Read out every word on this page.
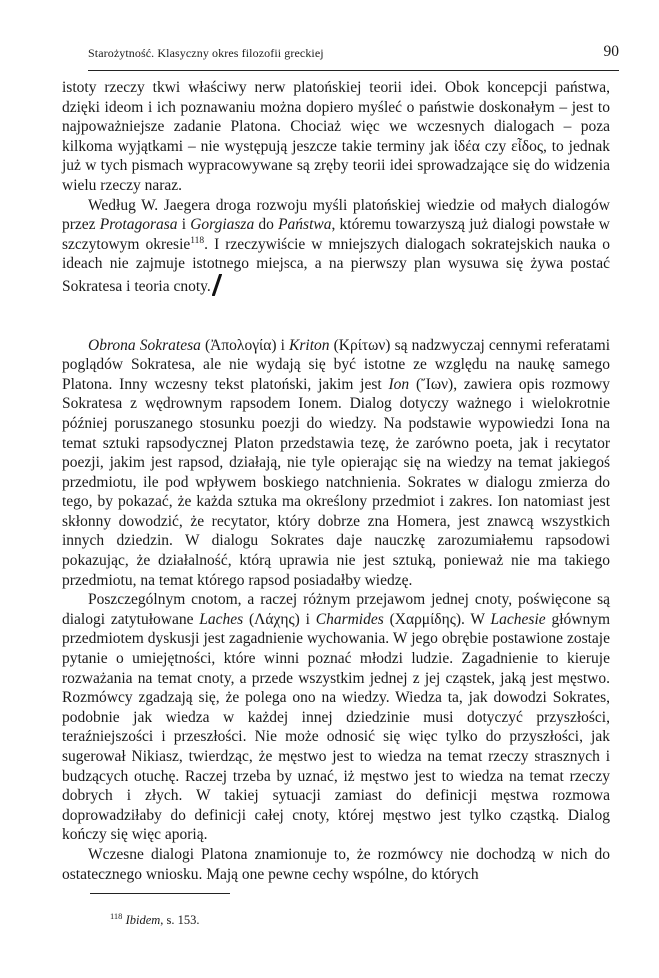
Starożytność. Klasyczny okres filozofii greckiej	90

istoty rzeczy tkwi właściwy nerw platońskiej teorii idei. Obok koncepcji państwa, dzięki ideom i ich poznawaniu można dopiero myśleć o państwie doskonałym – jest to najpoważniejsze zadanie Platona. Chociaż więc we wczesnych dialogach – poza kilkoma wyjątkami – nie występują jeszcze takie terminy jak ἰδέα czy εἶδος, to jednak już w tych pismach wypracowywane są zręby teorii idei sprowadzające się do widzenia wielu rzeczy naraz.

Według W. Jaegera droga rozwoju myśli platońskiej wiedzie od małych dialogów przez Protagorasa i Gorgiasza do Państwa, któremu towarzyszą już dialogi powstałe w szczytowym okresie$^{118}$. I rzeczywiście w mniejszych dialogach sokratejskich nauka o ideach nie zajmuje istotnego miejsca, a na pierwszy plan wysuwa się żywa postać Sokratesa i teoria cnoty.

Obrona Sokratesa (Ἀπολογία) i Kriton (Κρίτων) są nadzwyczaj cennymi referatami poglądów Sokratesa, ale nie wydają się być istotne ze względu na naukę samego Platona. Inny wczesny tekst platoński, jakim jest Ion (Ἴων), zawiera opis rozmowy Sokratesa z wędrownym rapsodem Ionem. Dialog dotyczy ważnego i wielokrotnie później poruszanego stosunku poezji do wiedzy. Na podstawie wypowiedzi Iona na temat sztuki rapsodycznej Platon przedstawia tezę, że zarówno poeta, jak i recytator poezji, jakim jest rapsod, działają, nie tyle opierając się na wiedzy na temat jakiegoś przedmiotu, ile pod wpływem boskiego natchnienia. Sokrates w dialogu zmierza do tego, by pokazać, że każda sztuka ma określony przedmiot i zakres. Ion natomiast jest skłonny dowodzić, że recytator, który dobrze zna Homera, jest znawcą wszystkich innych dziedzin. W dialogu Sokrates daje nauczkę zarozumiałemu rapsodowi pokazując, że działalność, którą uprawia nie jest sztuką, ponieważ nie ma takiego przedmiotu, na temat którego rapsod posiadałby wiedzę.

Poszczególnym cnotom, a raczej różnym przejawom jednej cnoty, poświęcone są dialogi zatytułowane Laches (Λάχης) i Charmides (Χαρμίδης). W Lachesie głównym przedmiotem dyskusji jest zagadnienie wychowania. W jego obrębie postawione zostaje pytanie o umiejętności, które winni poznać młodzi ludzie. Zagadnienie to kieruje rozważania na temat cnoty, a przede wszystkim jednej z jej cząstek, jaką jest męstwo. Rozmówcy zgadzają się, że polega ono na wiedzy. Wiedza ta, jak dowodzi Sokrates, podobnie jak wiedza w każdej innej dziedzinie musi dotyczyć przyszłości, teraźniejszości i przeszłości. Nie może odnosić się więc tylko do przyszłości, jak sugerował Nikiasz, twierdząc, że męstwo jest to wiedza na temat rzeczy strasznych i budzących otuchę. Raczej trzeba by uznać, iż męstwo jest to wiedza na temat rzeczy dobrych i złych. W takiej sytuacji zamiast do definicji męstwa rozmowa doprowadziłaby do definicji całej cnoty, której męstwo jest tylko cząstką. Dialog kończy się więc aporią.

Wczesne dialogi Platona znamionuje to, że rozmówcy nie dochodzą w nich do ostatecznego wniosku. Mają one pewne cechy wspólne, do których

$^{118}$ Ibidem, s. 153.
